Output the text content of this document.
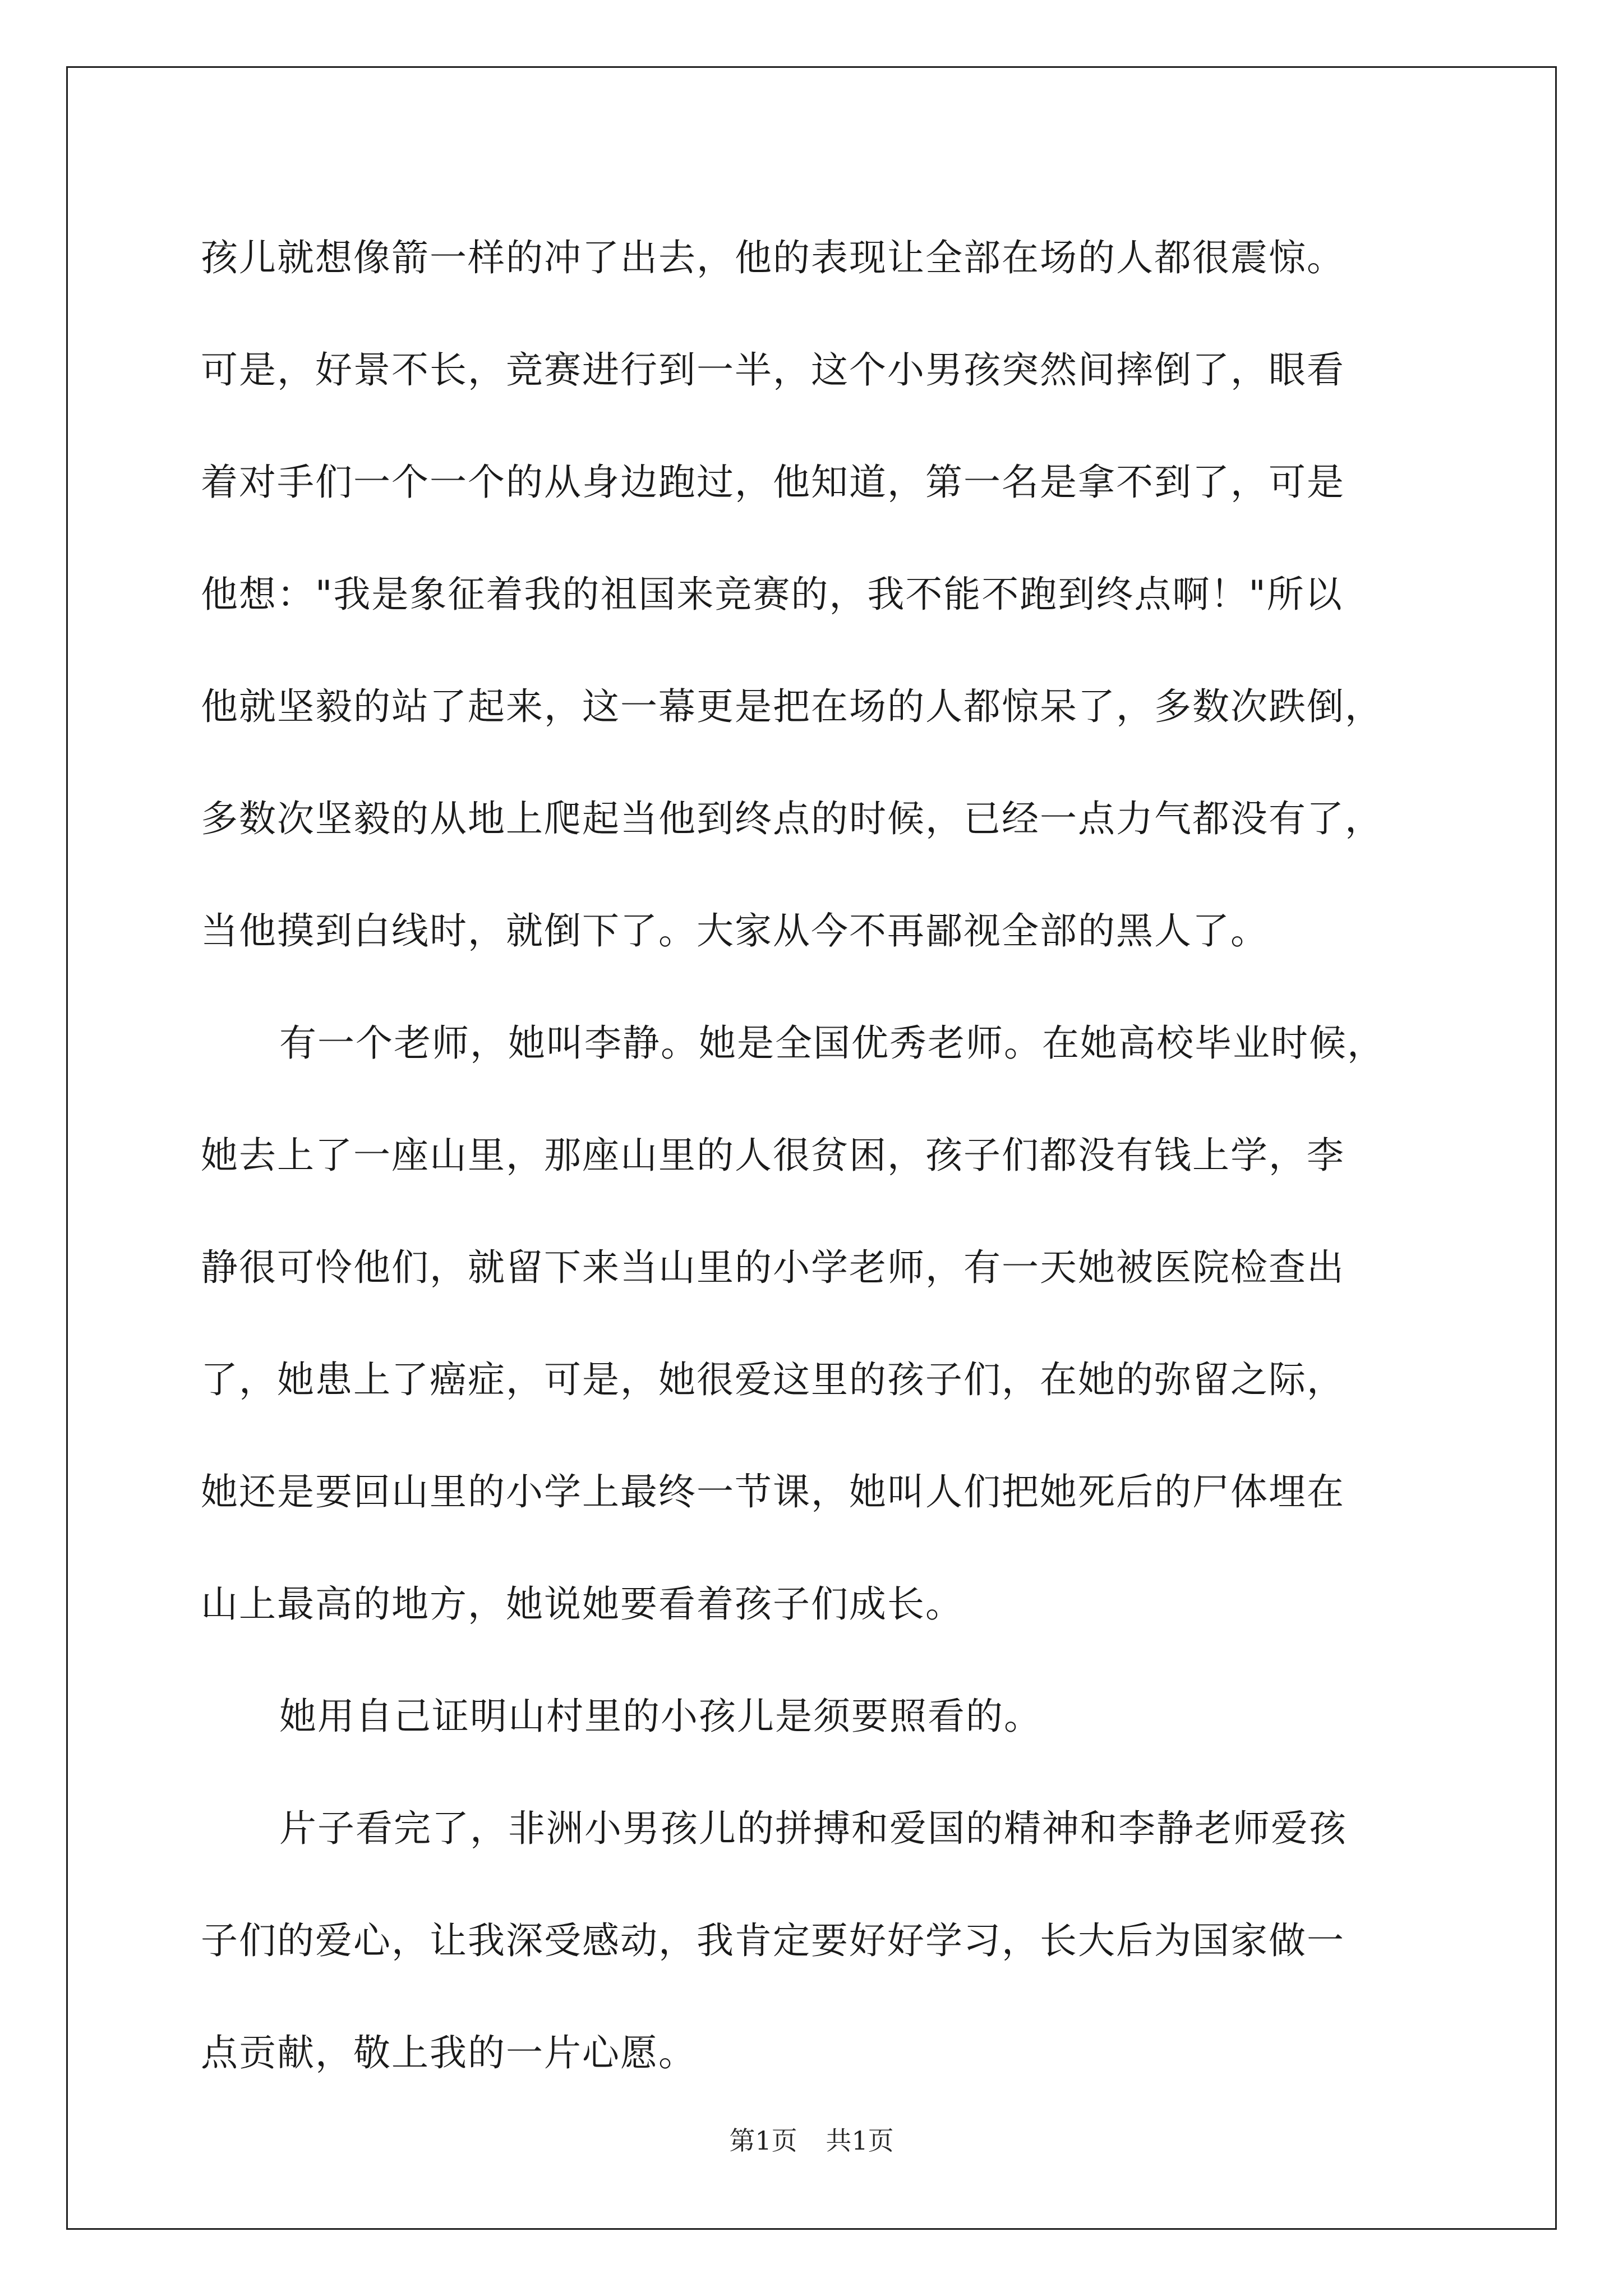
孩儿就想像箭一样的冲了出去，他的表现让全部在场的人都很震惊。
可是，好景不长，竞赛进行到一半，这个小男孩突然间摔倒了，眼看
着对手们一个一个的从身边跑过，他知道，第一名是拿不到了，可是
他想："我是象征着我的祖国来竞赛的，我不能不跑到终点啊！"所以
他就坚毅的站了起来，这一幕更是把在场的人都惊呆了，多数次跌倒，
多数次坚毅的从地上爬起当他到终点的时候，已经一点力气都没有了，
当他摸到白线时，就倒下了。大家从今不再鄙视全部的黑人了。
有一个老师，她叫李静。她是全国优秀老师。在她高校毕业时候，
她去上了一座山里，那座山里的人很贫困，孩子们都没有钱上学，李
静很可怜他们，就留下来当山里的小学老师，有一天她被医院检查出
了，她患上了癌症，可是，她很爱这里的孩子们，在她的弥留之际，
她还是要回山里的小学上最终一节课，她叫人们把她死后的尸体埋在
山上最高的地方，她说她要看着孩子们成长。
她用自己证明山村里的小孩儿是须要照看的。
片子看完了，非洲小男孩儿的拼搏和爱国的精神和李静老师爱孩
子们的爱心，让我深受感动，我肯定要好好学习，长大后为国家做一
点贡献，敬上我的一片心愿。
第1页 共1页
